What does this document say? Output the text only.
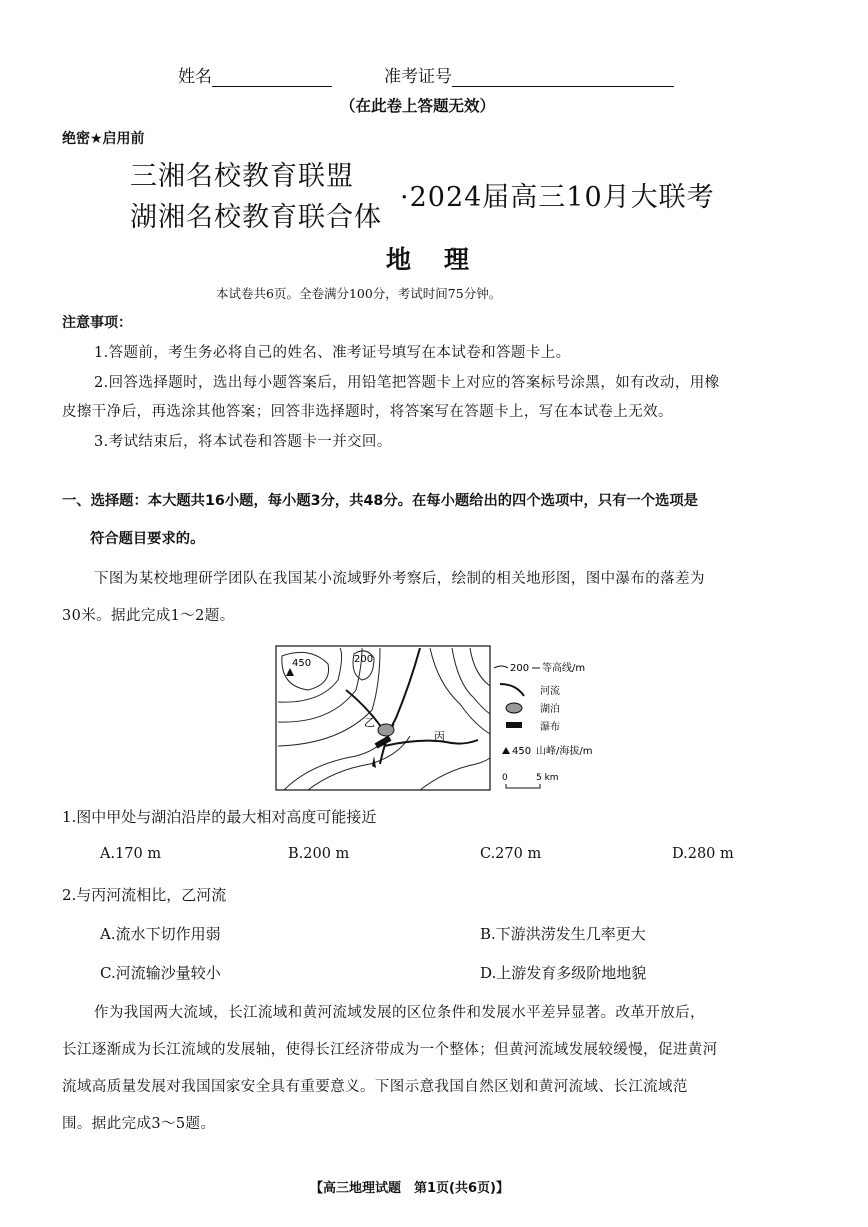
姓名	准考证号
（在此卷上答题无效）
绝密★启用前
三湘名校教育联盟
湖湘名校教育联合体
·2024届高三10月大联考
地　理
本试卷共6页。全卷满分100分，考试时间75分钟。
注意事项：
1.答题前，考生务必将自己的姓名、准考证号填写在本试卷和答题卡上。
2.回答选择题时，选出每小题答案后，用铅笔把答题卡上对应的答案标号涂黑，如有改动，用橡
皮擦干净后，再选涂其他答案；回答非选择题时，将答案写在答题卡上，写在本试卷上无效。
3.考试结束后，将本试卷和答题卡一并交回。
一、选择题：本大题共16小题，每小题3分，共48分。在每小题给出的四个选项中，只有一个选项是
符合题目要求的。
下图为某校地理研学团队在我国某小流域野外考察后，绘制的相关地形图，图中瀑布的落差为
30米。据此完成1～2题。
450	200
乙
丙
200 等高线/m
河流
湖泊
瀑布
450 山峰/海拔/m
0	5 km
1.图中甲处与湖泊沿岸的最大相对高度可能接近
A.170 m	B.200 m	C.270 m	D.280 m
2.与丙河流相比，乙河流
A.流水下切作用弱	B.下游洪涝发生几率更大
C.河流输沙量较小	D.上游发育多级阶地地貌
作为我国两大流域，长江流域和黄河流域发展的区位条件和发展水平差异显著。改革开放后，
长江逐渐成为长江流域的发展轴，使得长江经济带成为一个整体；但黄河流域发展较缓慢，促进黄河
流域高质量发展对我国国家安全具有重要意义。下图示意我国自然区划和黄河流域、长江流域范
围。据此完成3～5题。
【高三地理试题　第1页(共6页)】
